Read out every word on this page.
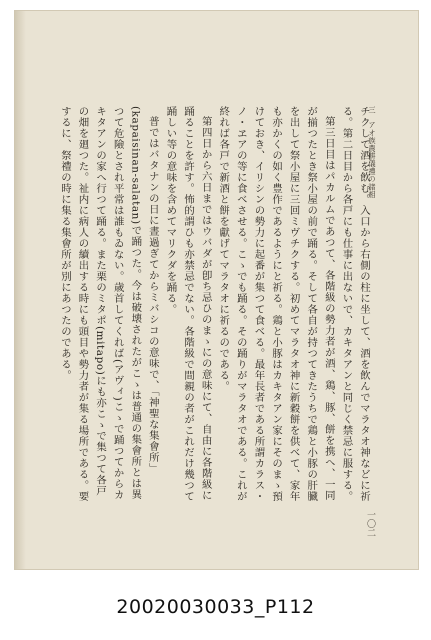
三　アオ族農耕儀禮の諸相

チクして酒を飲む。入口から右側の柱に坐して、酒を飲んでマラタオ神などに祈る。第二日目から各戸にも仕事に出ないで、カキタアンと同じく禁忌に服する。

第三日目はパカルムであつて、各階級の勢力者が酒、鶏、豚、餅を携へ、一同が揃つたとき祭小屋の前で踊る。そして各自が持つてきたうちで鶏と小豚の肝臓を出して祭小屋に三回ミヴチクする。初めてマラタオ神に新穀餅を供べて、家年も亦かくの如く豊作であるようにと祈る。鶏と小豚はカキタアン家にそのまゝ預けておき、イリシンの勢力に起番が集つて食べる。最年長者である所謂カラス・ノ・ヱアの等に食べさせる。こゝでも踊る。その踊りがマラタオである。これが終れば各戸で新酒と餅を獻げてマラタオに祈るのである。

第四日から六日まではウバダが卽ち忌ひのまゝにの意味にて、自由に各階級に踊ることを許す。怖的謂ひも亦禁忌でない。各階級で間親の者がこれだけ幾つて踊しい等の意味を含めてマリクダを踊る。

普ではバタナンの日に晝過ぎてからミバシコの意味で、「神聖な集會所」(kapaisinan-salatan)で踊つた。今は破壊されたがこゝは普通の集會所とは異つて危險とされ平常は誰もゐない。歳首してくれば(アヴィ)こゝで踊つてからカキタアンの家へ行つて踊る。また栗のミタポ(mitapo)にも亦こゝで集つて各戸の畑を廻つた。祉内に病人の續出する時にも頭目や勢力者が集る場所である。要するに、祭禮の時に集る集會所が別にあつたのである。

一〇二
20020030033_P112
